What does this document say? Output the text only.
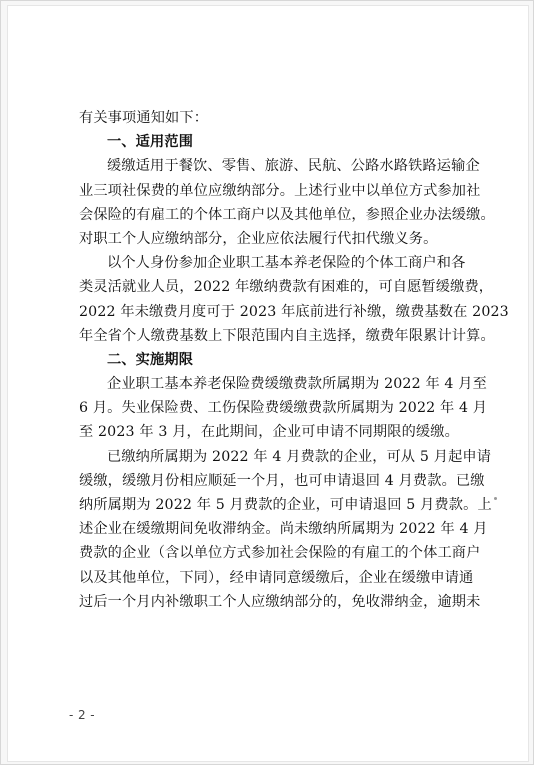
有关事项通知如下：
一、适用范围
缓缴适用于餐饮、零售、旅游、民航、公路水路铁路运输企
业三项社保费的单位应缴纳部分。上述行业中以单位方式参加社
会保险的有雇工的个体工商户以及其他单位，参照企业办法缓缴。
对职工个人应缴纳部分，企业应依法履行代扣代缴义务。
以个人身份参加企业职工基本养老保险的个体工商户和各
类灵活就业人员，2022 年缴纳费款有困难的，可自愿暂缓缴费，
2022 年未缴费月度可于 2023 年底前进行补缴，缴费基数在 2023
年全省个人缴费基数上下限范围内自主选择，缴费年限累计计算。
二、实施期限
企业职工基本养老保险费缓缴费款所属期为 2022 年 4 月至
6 月。失业保险费、工伤保险费缓缴费款所属期为 2022 年 4 月
至 2023 年 3 月，在此期间，企业可申请不同期限的缓缴。
已缴纳所属期为 2022 年 4 月费款的企业，可从 5 月起申请
缓缴，缓缴月份相应顺延一个月，也可申请退回 4 月费款。已缴
纳所属期为 2022 年 5 月费款的企业，可申请退回 5 月费款。上
述企业在缓缴期间免收滞纳金。尚未缴纳所属期为 2022 年 4 月
费款的企业（含以单位方式参加社会保险的有雇工的个体工商户
以及其他单位，下同），经申请同意缓缴后，企业在缓缴申请通
过后一个月内补缴职工个人应缴纳部分的，免收滞纳金，逾期未
- 2 -
